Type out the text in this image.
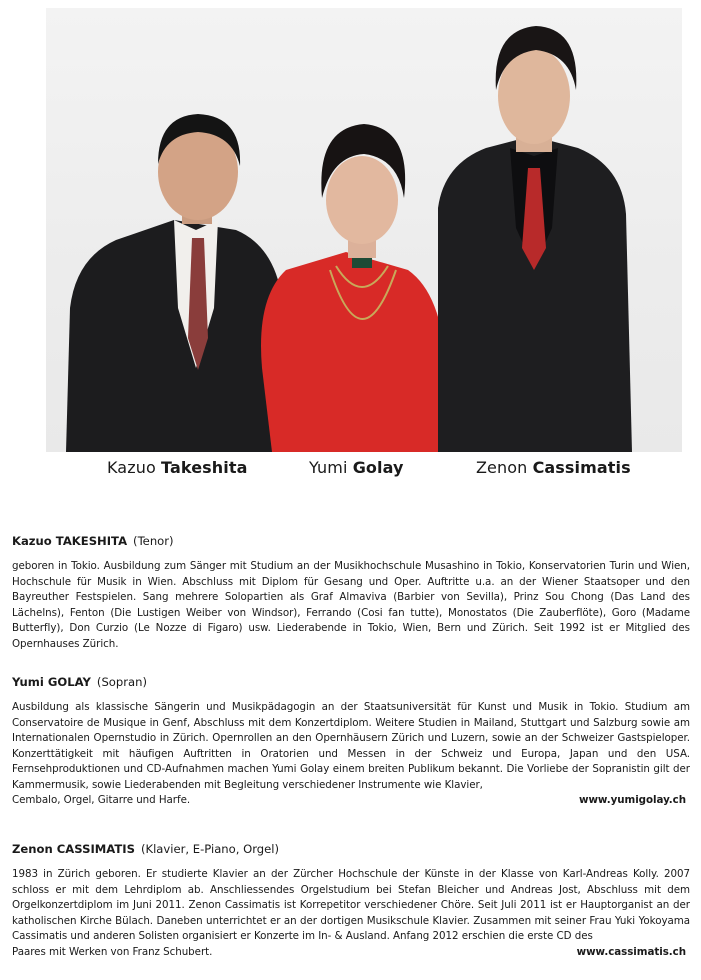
Kazuo Takeshita	Yumi Golay	Zenon Cassimatis
Kazuo TAKESHITA (Tenor)
geboren in Tokio. Ausbildung zum Sänger mit Studium an der Musikhochschule Musashino in Tokio, Konservatorien Turin und Wien, Hochschule für Musik in Wien. Abschluss mit Diplom für Gesang und Oper. Auftritte u.a. an der Wiener Staatsoper und den Bayreuther Festspielen. Sang mehrere Solopartien als Graf Almaviva (Barbier von Sevilla), Prinz Sou Chong (Das Land des Lächelns), Fenton (Die Lustigen Weiber von Windsor), Ferrando (Cosi fan tutte), Monostatos (Die Zauberflöte), Goro (Madame Butterfly), Don Curzio (Le Nozze di Figaro) usw. Liederabende in Tokio, Wien, Bern und Zürich. Seit 1992 ist er Mitglied des Opernhauses Zürich.
Yumi GOLAY (Sopran)
Ausbildung als klassische Sängerin und Musikpädagogin an der Staatsuniversität für Kunst und Musik in Tokio. Studium am Conservatoire de Musique in Genf, Abschluss mit dem Konzertdiplom. Weitere Studien in Mailand, Stuttgart und Salzburg sowie am Internationalen Opernstudio in Zürich. Opernrollen an den Opernhäusern Zürich und Luzern, sowie an der Schweizer Gastspieloper. Konzerttätigkeit mit häufigen Auftritten in Oratorien und Messen in der Schweiz und Europa, Japan und den USA. Fernsehproduktionen und CD-Aufnahmen machen Yumi Golay einem breiten Publikum bekannt. Die Vorliebe der Sopranistin gilt der Kammermusik, sowie Liederabenden mit Begleitung verschiedener Instrumente wie Klavier,
Cembalo, Orgel, Gitarre und Harfe.	www.yumigolay.ch
Zenon CASSIMATIS (Klavier, E-Piano, Orgel)
1983 in Zürich geboren. Er studierte Klavier an der Zürcher Hochschule der Künste in der Klasse von Karl-Andreas Kolly. 2007 schloss er mit dem Lehrdiplom ab. Anschliessendes Orgelstudium bei Stefan Bleicher und Andreas Jost, Abschluss mit dem Orgelkonzertdiplom im Juni 2011. Zenon Cassimatis ist Korrepetitor verschiedener Chöre. Seit Juli 2011 ist er Hauptorganist an der katholischen Kirche Bülach. Daneben unterrichtet er an der dortigen Musikschule Klavier. Zusammen mit seiner Frau Yuki Yokoyama Cassimatis und anderen Solisten organisiert er Konzerte im In- & Ausland. Anfang 2012 erschien die erste CD des
Paares mit Werken von Franz Schubert.	www.cassimatis.ch
